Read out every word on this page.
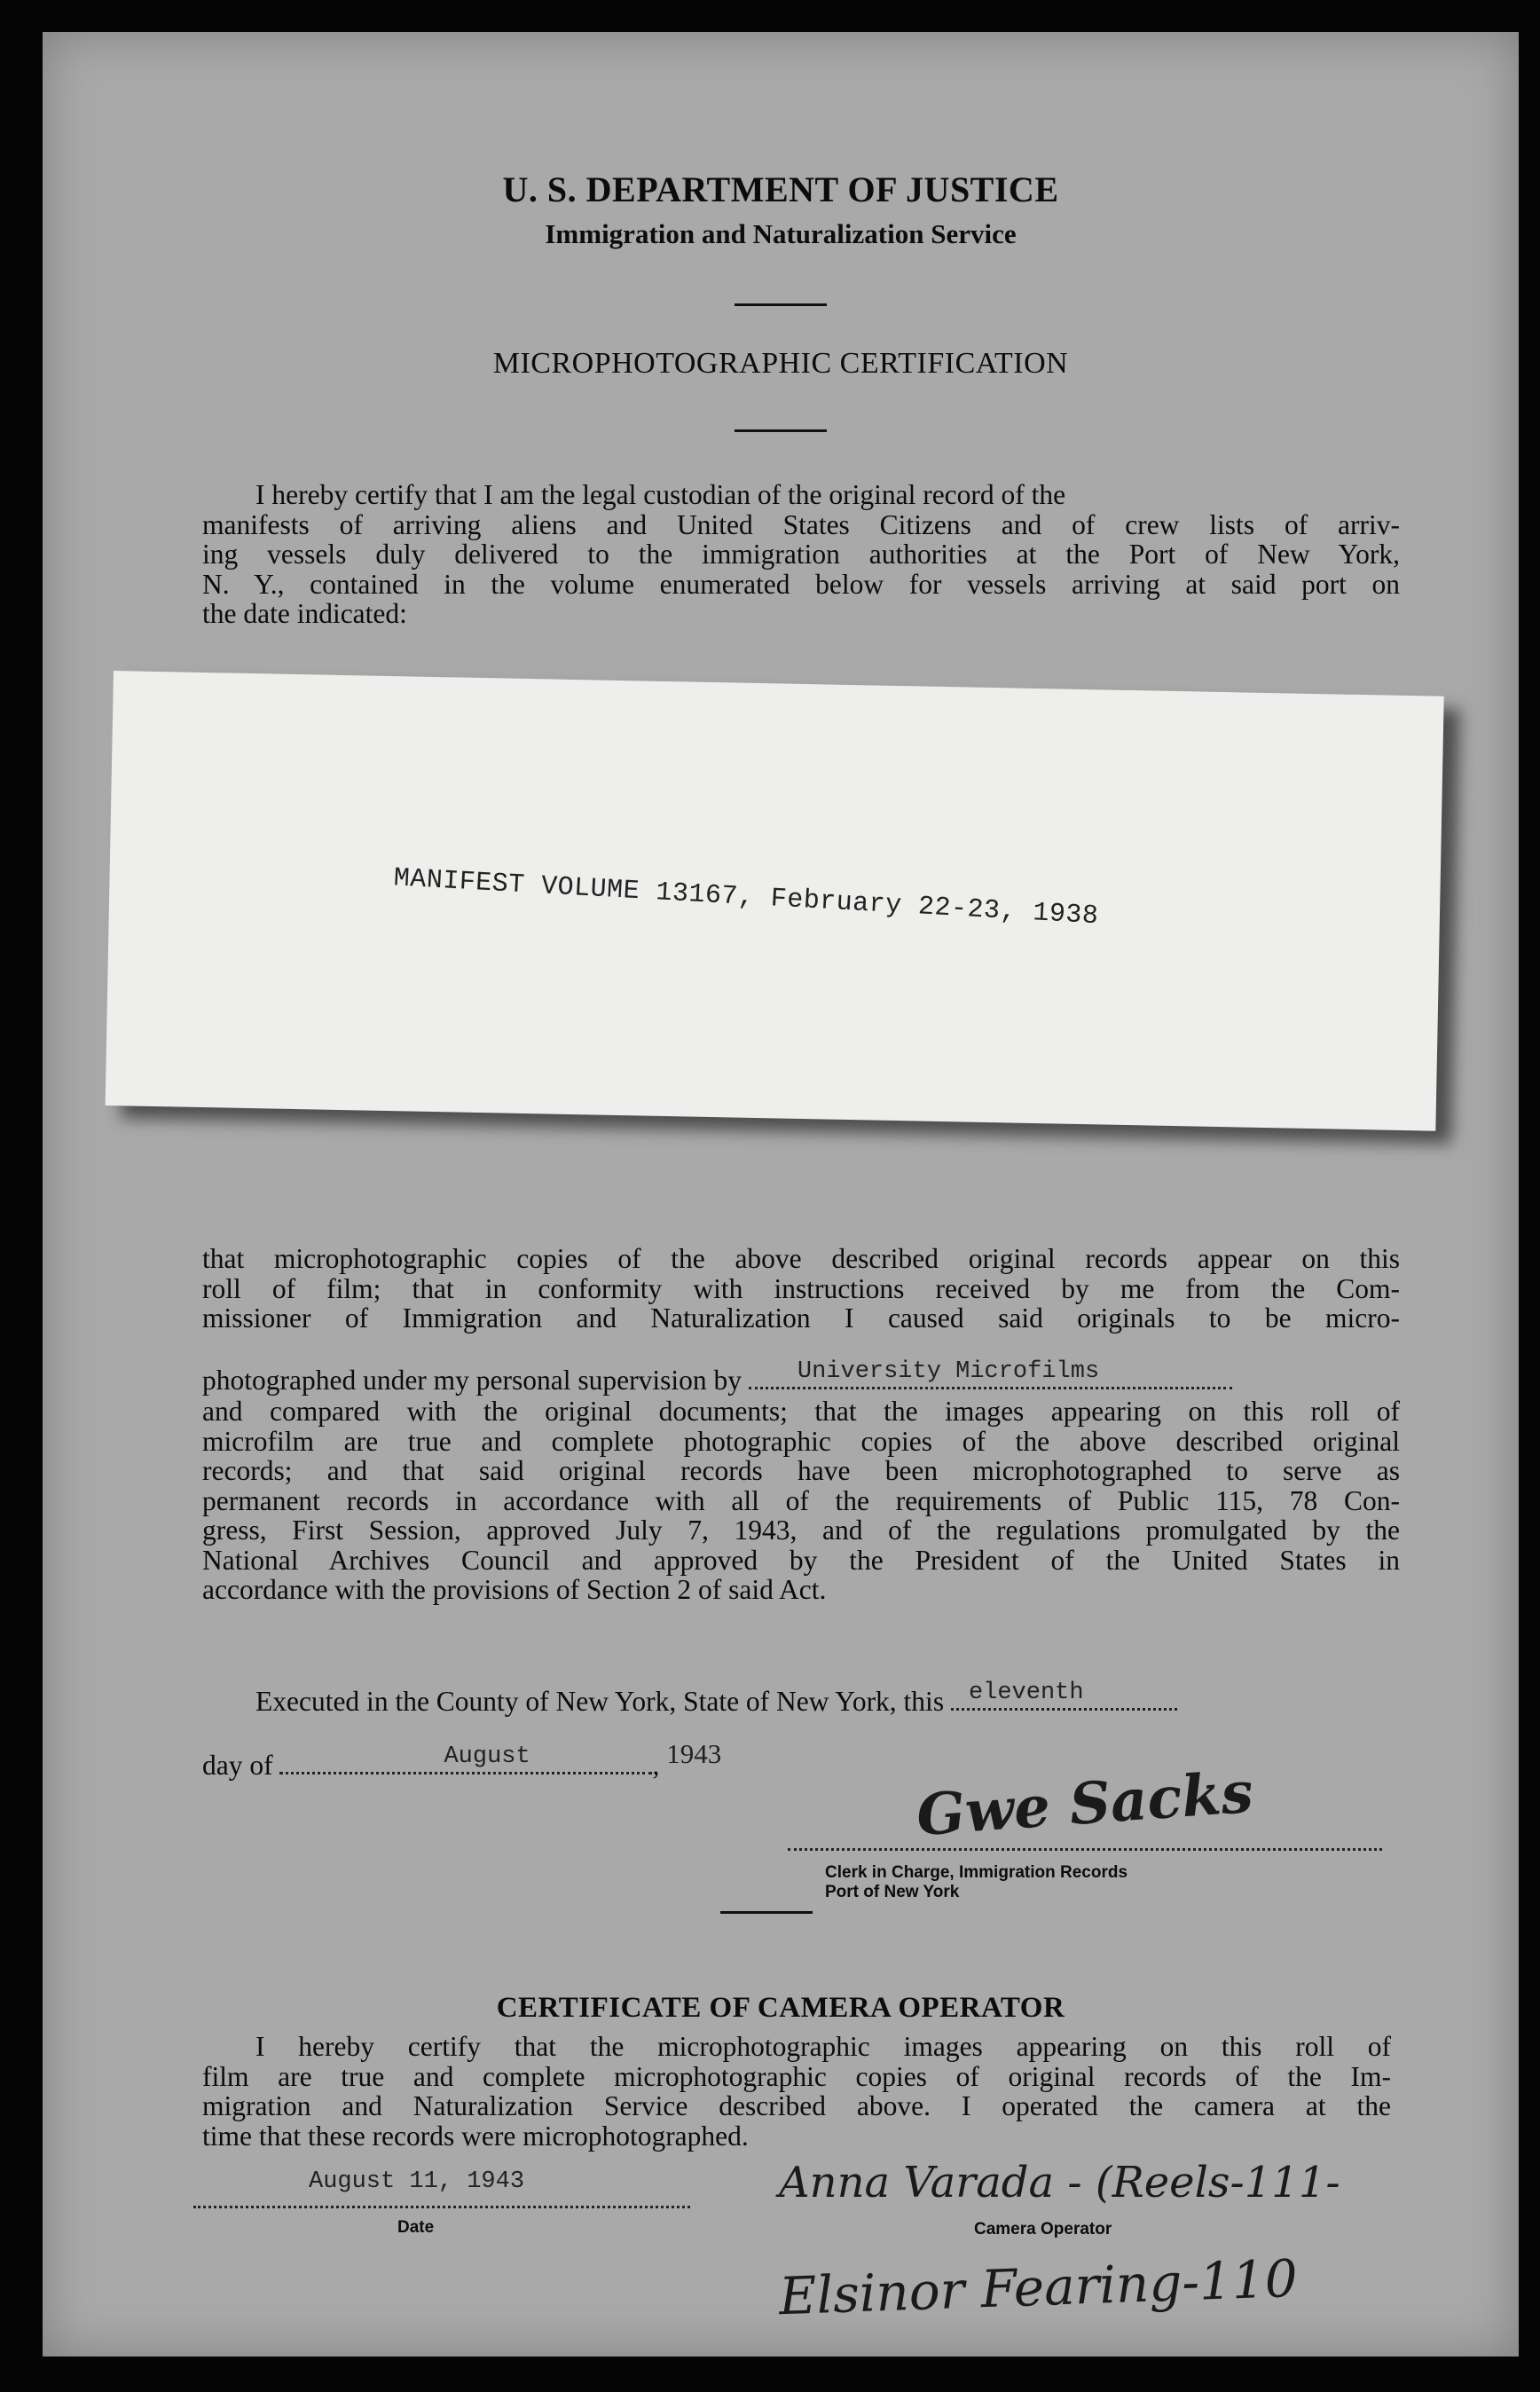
U. S. DEPARTMENT OF JUSTICE
Immigration and Naturalization Service
MICROPHOTOGRAPHIC CERTIFICATION

I hereby certify that I am the legal custodian of the original record of the

manifests of arriving aliens and United States Citizens and of crew lists of arriv-

ing vessels duly delivered to the immigration authorities at the Port of New York,

N. Y., contained in the volume enumerated below for vessels arriving at said port on

the date indicated:

MANIFEST VOLUME 13167, February 22-23, 1938

that microphotographic copies of the above described original records appear on this

roll of film; that in conformity with instructions received by me from the Com-

missioner of Immigration and Naturalization I caused said originals to be micro-

photographed under my personal supervision by University Microfilms

and compared with the original documents; that the images appearing on this roll of

microfilm are true and complete photographic copies of the above described original

records; and that said original records have been microphotographed to serve as

permanent records in accordance with all of the requirements of Public 115, 78 Con-

gress, First Session, approved July 7, 1943, and of the regulations promulgated by the

National Archives Council and approved by the President of the United States in

accordance with the provisions of Section 2 of said Act.

Executed in the County of New York, State of New York, this eleventh
day of	August	, 1943
Gwe Sacks
Clerk in Charge, Immigration Records
Port of New York
CERTIFICATE OF CAMERA OPERATOR

I hereby certify that the microphotographic images appearing on this roll of

film are true and complete microphotographic copies of original records of the Im-

migration and Naturalization Service described above. I operated the camera at the

time that these records were microphotographed.

August 11, 1943
Date
Anna Varada - (Reels-111-
Camera Operator
Elsinor Fearing-110
